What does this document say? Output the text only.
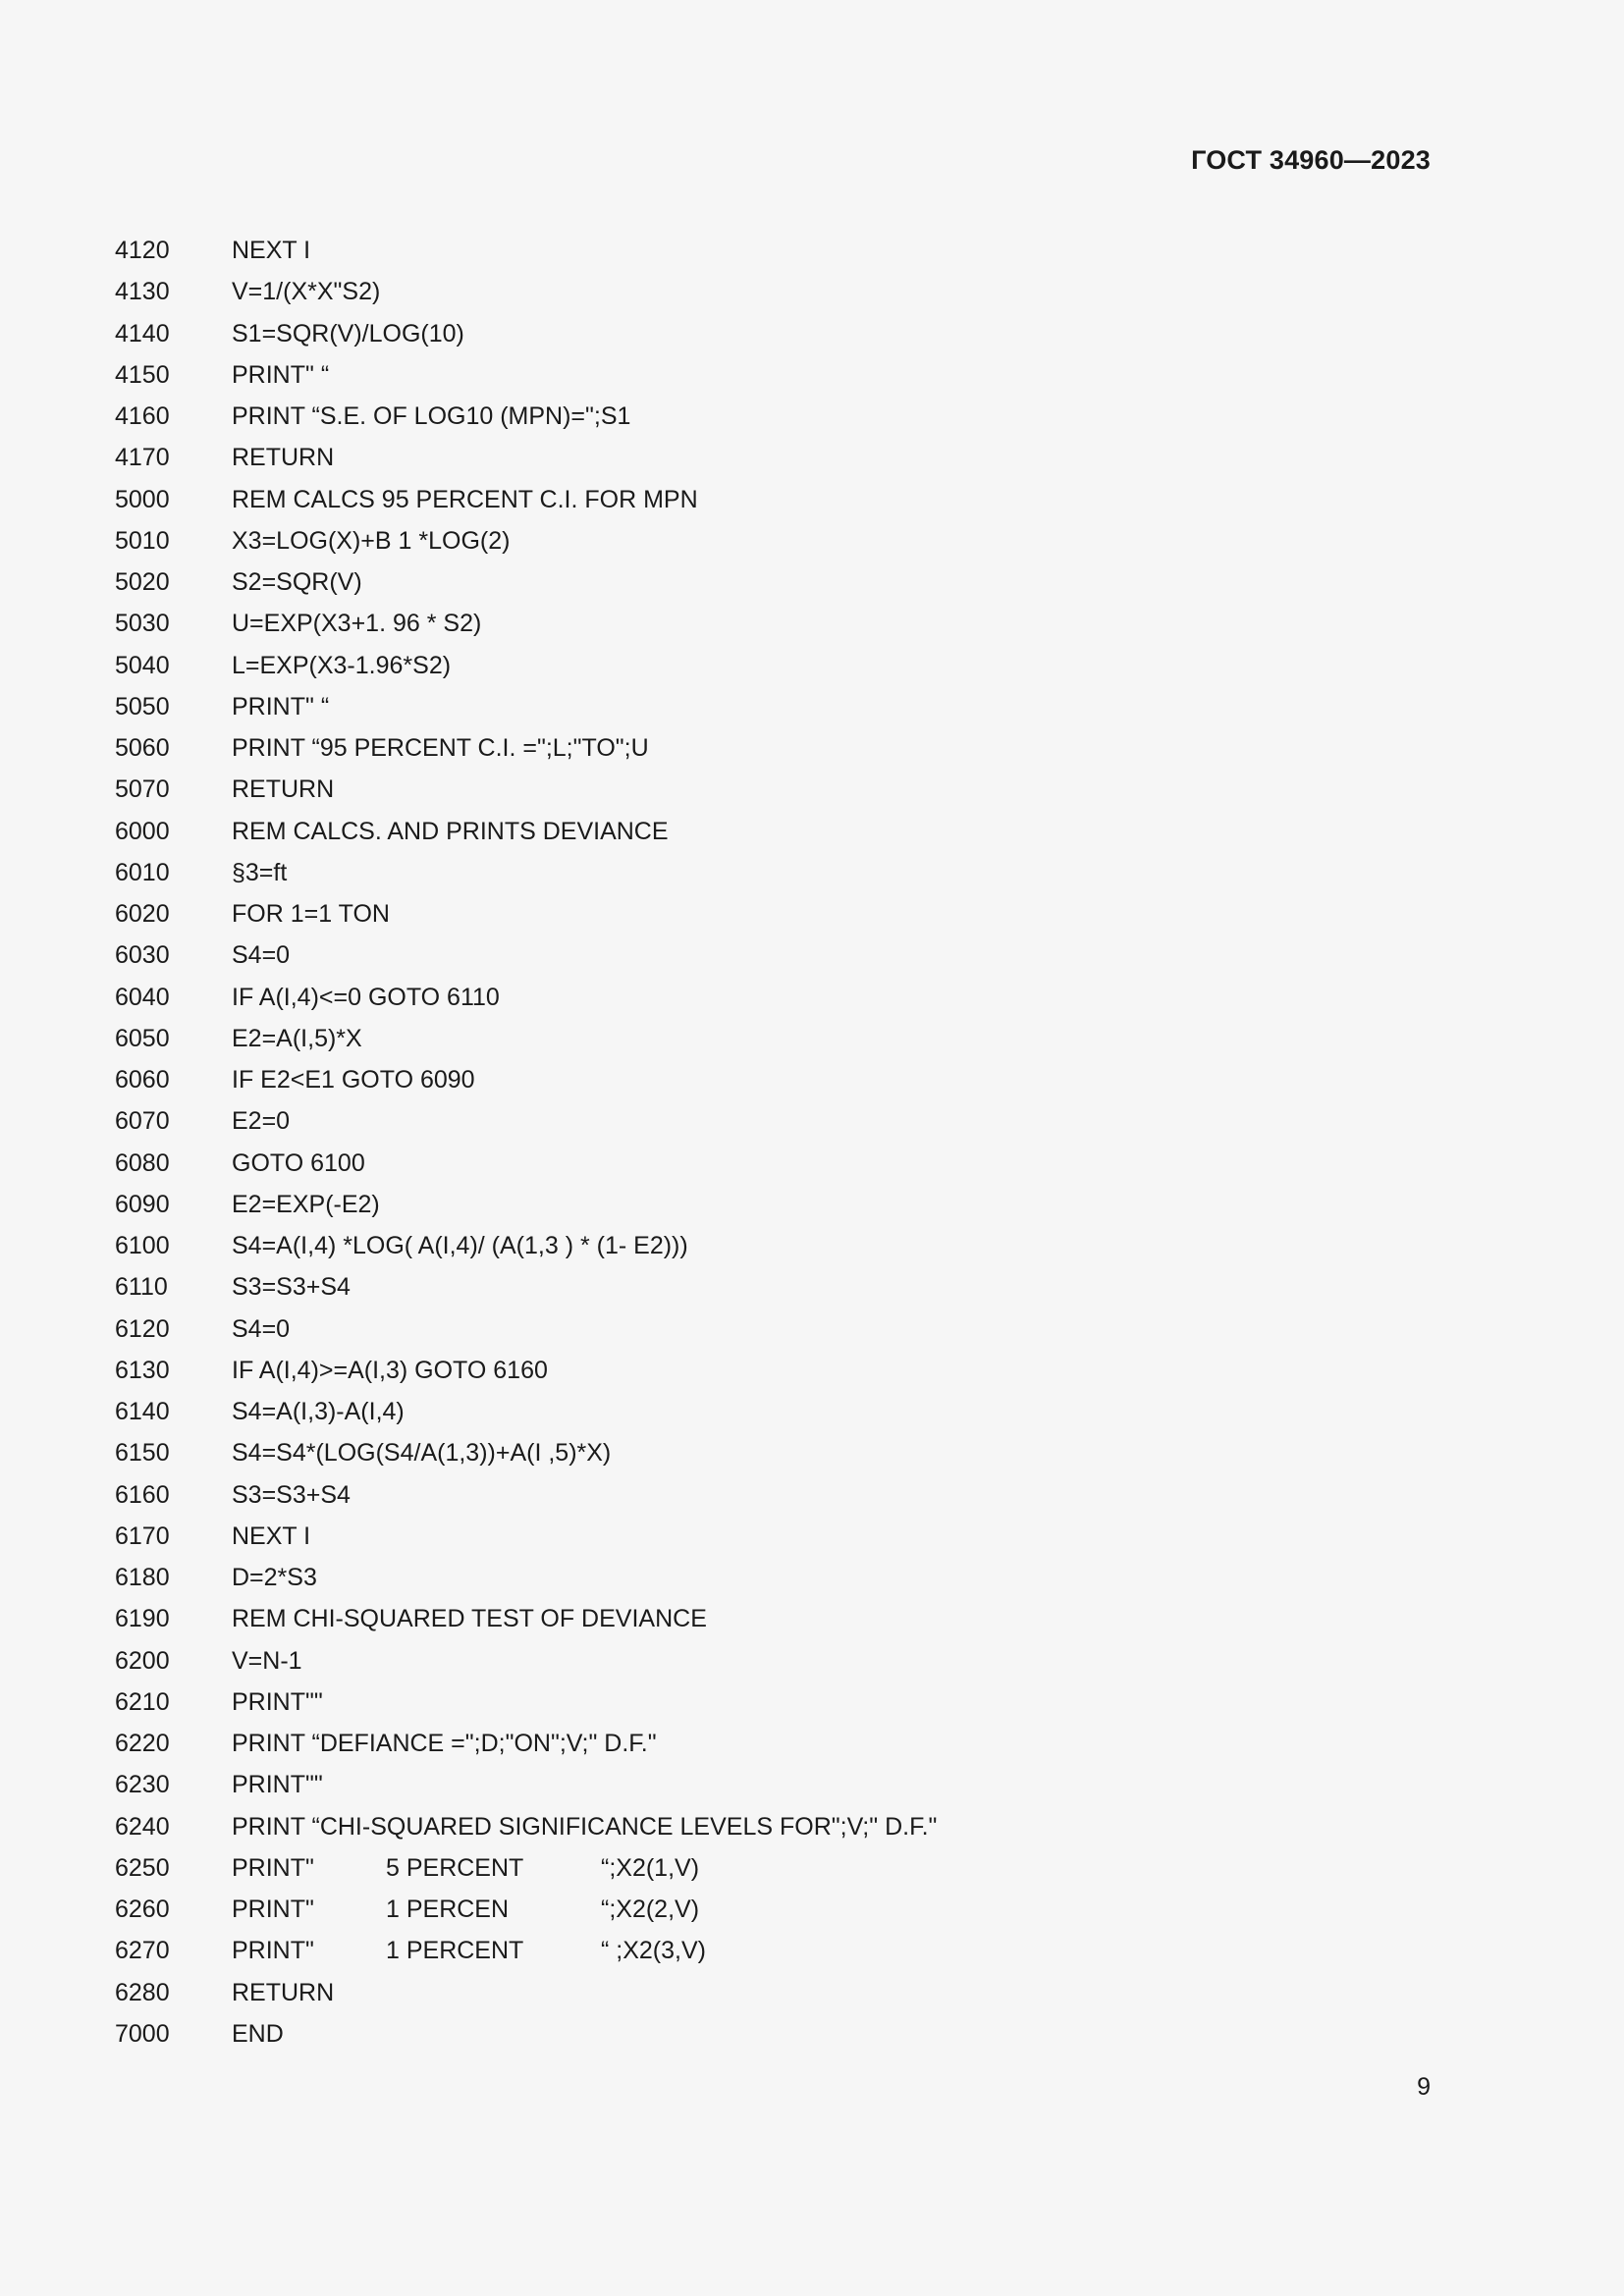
ГОСТ 34960—2023
4120	NEXT I
4130	V=1/(X*X"S2)
4140	S1=SQR(V)/LOG(10)
4150	PRINT" “
4160	PRINT “S.E. OF LOG10 (MPN)=";S1
4170	RETURN
5000	REM CALCS 95 PERCENT C.I. FOR MPN
5010	X3=LOG(X)+B 1 *LOG(2)
5020	S2=SQR(V)
5030	U=EXP(X3+1. 96 * S2)
5040	L=EXP(X3-1.96*S2)
5050	PRINT" “
5060	PRINT “95 PERCENT C.I. =";L;"TO";U
5070	RETURN
6000	REM CALCS. AND PRINTS DEVIANCE
6010	§3=ft
6020	FOR 1=1 TON
6030	S4=0
6040	IF A(I,4)<=0 GOTO 6110
6050	E2=A(I,5)*X
6060	IF E2<E1 GOTO 6090
6070	E2=0
6080	GOTO 6100
6090	E2=EXP(-E2)
6100	S4=A(I,4) *LOG( A(I,4)/ (A(1,3 ) * (1- E2)))
6110	S3=S3+S4
6120	S4=0
6130	IF A(I,4)>=A(I,3) GOTO 6160
6140	S4=A(I,3)-A(I,4)
6150	S4=S4*(LOG(S4/A(1,3))+A(I ,5)*X)
6160	S3=S3+S4
6170	NEXT I
6180	D=2*S3
6190	REM CHI-SQUARED TEST OF DEVIANCE
6200	V=N-1
6210	PRINT""
6220	PRINT “DEFIANCE =";D;"ON";V;" D.F."
6230	PRINT""
6240	PRINT “CHI-SQUARED SIGNIFICANCE LEVELS FOR";V;" D.F."
6250	PRINT"	5 PERCENT	“;X2(1,V)
6260	PRINT"	1 PERCEN	“;X2(2,V)
6270	PRINT"	1 PERCENT	“ ;X2(3,V)
6280	RETURN
7000	END
9
